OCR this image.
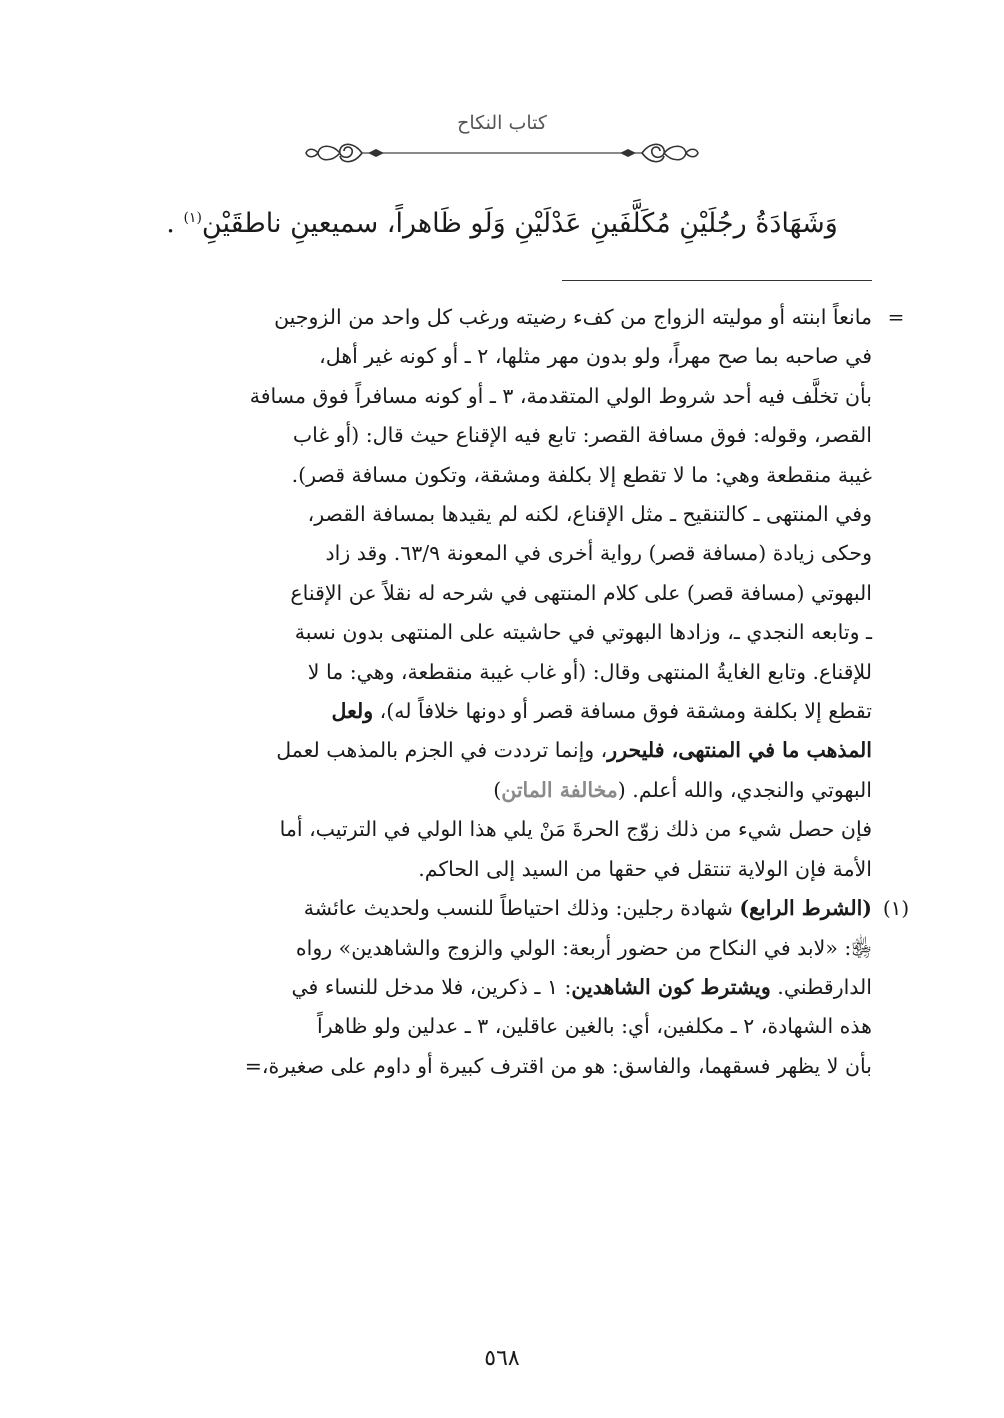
كتاب النكاح
وَشَهَادَةُ رجُلَيْنِ مُكَلَّفَينِ عَدْلَيْنِ وَلَو ظَاهراً، سميعينِ ناطقَيْنِ$^{(١)}$ .
=

مانعاً ابنته أو موليته الزواج من كفء رضيته ورغب كل واحد من الزوجين

في صاحبه بما صح مهراً، ولو بدون مهر مثلها، ٢ ـ أو كونه غير أهل،

بأن تخلَّف فيه أحد شروط الولي المتقدمة، ٣ ـ أو كونه مسافراً فوق مسافة

القصر، وقوله: فوق مسافة القصر: تابع فيه الإقناع حيث قال: (أو غاب

غيبة منقطعة وهي: ما لا تقطع إلا بكلفة ومشقة، وتكون مسافة قصر).

وفي المنتهى ـ كالتنقيح ـ مثل الإقناع، لكنه لم يقيدها بمسافة القصر،

وحكى زيادة (مسافة قصر) رواية أخرى في المعونة ٦٣/٩. وقد زاد

البهوتي (مسافة قصر) على كلام المنتهى في شرحه له نقلاً عن الإقناع

ـ وتابعه النجدي ـ، وزادها البهوتي في حاشيته على المنتهى بدون نسبة

للإقناع. وتابع الغايةُ المنتهى وقال: (أو غاب غيبة منقطعة، وهي: ما لا

تقطع إلا بكلفة ومشقة فوق مسافة قصر أو دونها خلافاً له)، ولعل

المذهب ما في المنتهى، فليحرر، وإنما ترددت في الجزم بالمذهب لعمل

البهوتي والنجدي، والله أعلم. (مخالفة الماتن)

فإن حصل شيء من ذلك زوّج الحرةَ مَنْ يلي هذا الولي في الترتيب، أما

الأمة فإن الولاية تنتقل في حقها من السيد إلى الحاكم.

(١)

(الشرط الرابع) شهادة رجلين: وذلك احتياطاً للنسب ولحديث عائشة

﵂: «لابد في النكاح من حضور أربعة: الولي والزوج والشاهدين» رواه

الدارقطني. ويشترط كون الشاهدين: ١ ـ ذكرين، فلا مدخل للنساء في

هذه الشهادة، ٢ ـ مكلفين، أي: بالغين عاقلين، ٣ ـ عدلين ولو ظاهراً

بأن لا يظهر فسقهما، والفاسق: هو من اقترف كبيرة أو داوم على صغيرة،=

٥٦٨
